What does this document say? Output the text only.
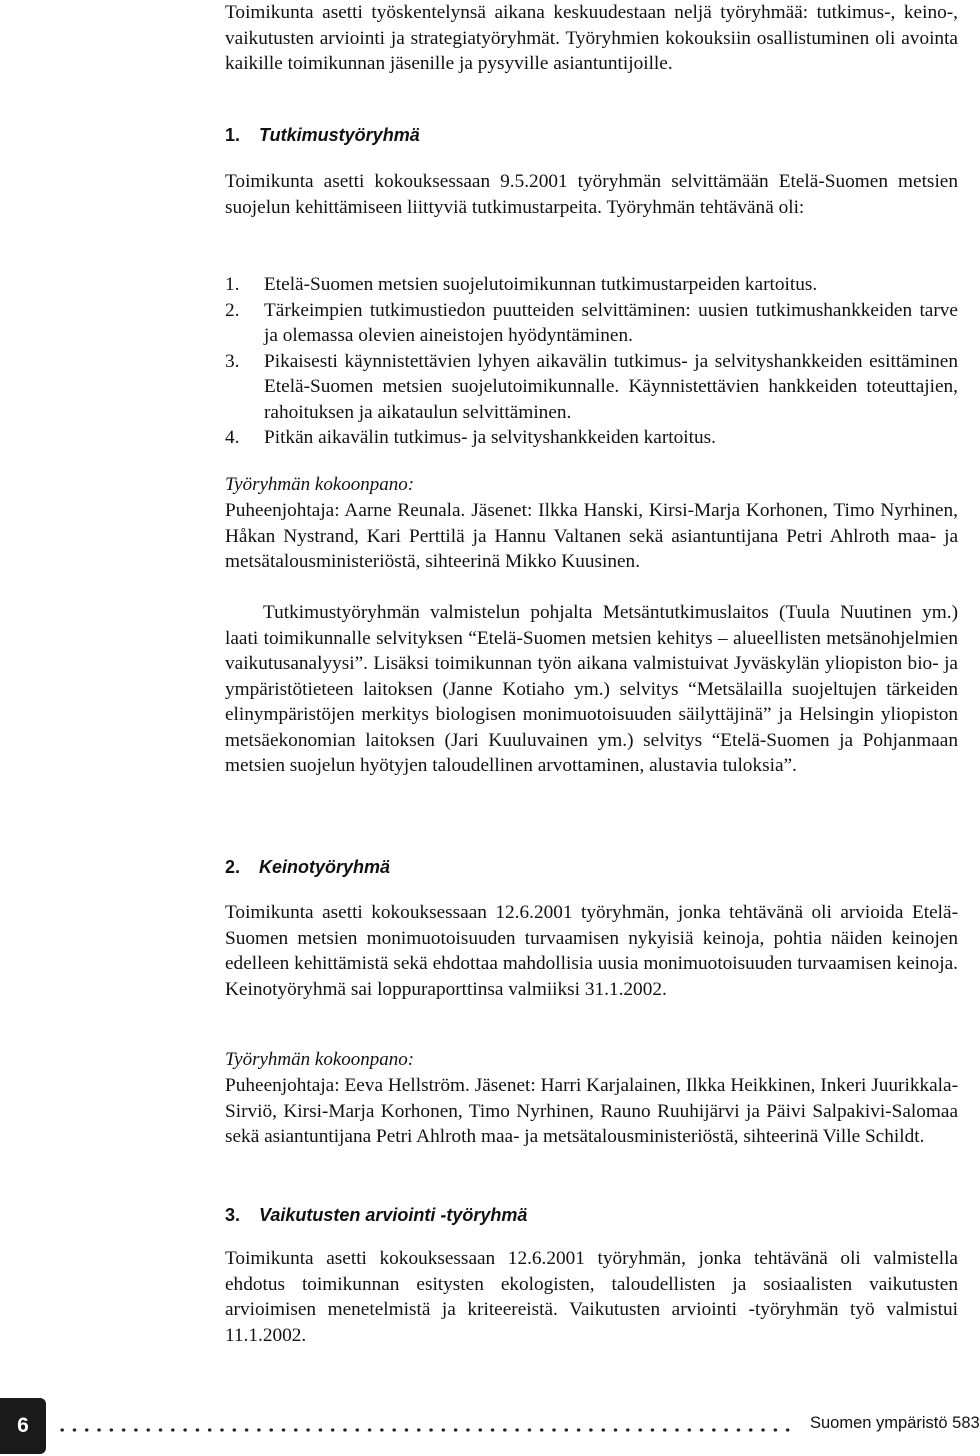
Toimikunta asetti työskentelynsä aikana keskuudestaan neljä työryhmää: tutkimus-, keino-, vaikutusten arviointi ja strategiatyöryhmät. Työryhmien kokouksiin osallistuminen oli avointa kaikille toimikunnan jäsenille ja pysyville asiantuntijoille.

1. Tutkimustyöryhmä

Toimikunta asetti kokouksessaan 9.5.2001 työryhmän selvittämään Etelä-Suomen metsien suojelun kehittämiseen liittyviä tutkimustarpeita. Työryhmän tehtävänä oli:

1. Etelä-Suomen metsien suojelutoimikunnan tutkimustarpeiden kartoitus.
2. Tärkeimpien tutkimustiedon puutteiden selvittäminen: uusien tutkimushankkeiden tarve ja olemassa olevien aineistojen hyödyntäminen.
3. Pikaisesti käynnistettävien lyhyen aikavälin tutkimus- ja selvityshankkeiden esittäminen Etelä-Suomen metsien suojelutoimikunnalle. Käynnistettävien hankkeiden toteuttajien, rahoituksen ja aikataulun selvittäminen.
4. Pitkän aikavälin tutkimus- ja selvityshankkeiden kartoitus.

Työryhmän kokoonpano:

Puheenjohtaja: Aarne Reunala. Jäsenet: Ilkka Hanski, Kirsi-Marja Korhonen, Timo Nyrhinen, Håkan Nystrand, Kari Perttilä ja Hannu Valtanen sekä asiantuntijana Petri Ahlroth maa- ja metsätalousministeriöstä, sihteerinä Mikko Kuusinen.

Tutkimustyöryhmän valmistelun pohjalta Metsäntutkimuslaitos (Tuula Nuutinen ym.) laati toimikunnalle selvityksen “Etelä-Suomen metsien kehitys – alueellisten metsänohjelmien vaikutusanalyysi”. Lisäksi toimikunnan työn aikana valmistuivat Jyväskylän yliopiston bio- ja ympäristötieteen laitoksen (Janne Kotiaho ym.) selvitys “Metsälailla suojeltujen tärkeiden elinympäristöjen merkitys biologisen monimuotoisuuden säilyttäjinä” ja Helsingin yliopiston metsäekonomian laitoksen (Jari Kuuluvainen ym.) selvitys “Etelä-Suomen ja Pohjanmaan metsien suojelun hyötyjen taloudellinen arvottaminen, alustavia tuloksia”.

2. Keinotyöryhmä

Toimikunta asetti kokouksessaan 12.6.2001 työryhmän, jonka tehtävänä oli arvioida Etelä-Suomen metsien monimuotoisuuden turvaamisen nykyisiä keinoja, pohtia näiden keinojen edelleen kehittämistä sekä ehdottaa mahdollisia uusia monimuotoisuuden turvaamisen keinoja. Keinotyöryhmä sai loppuraporttinsa valmiiksi 31.1.2002.

Työryhmän kokoonpano:

Puheenjohtaja: Eeva Hellström. Jäsenet: Harri Karjalainen, Ilkka Heikkinen, Inkeri Juurikkala-Sirviö, Kirsi-Marja Korhonen, Timo Nyrhinen, Rauno Ruuhijärvi ja Päivi Salpakivi-Salomaa sekä asiantuntijana Petri Ahlroth maa- ja metsätalousministeriöstä, sihteerinä Ville Schildt.

3. Vaikutusten arviointi -työryhmä

Toimikunta asetti kokouksessaan 12.6.2001 työryhmän, jonka tehtävänä oli valmistella ehdotus toimikunnan esitysten ekologisten, taloudellisten ja sosiaalisten vaikutusten arvioimisen menetelmistä ja kriteereistä. Vaikutusten arviointi -työryhmän työ valmistui 11.1.2002.

6	Suomen ympäristö 583
